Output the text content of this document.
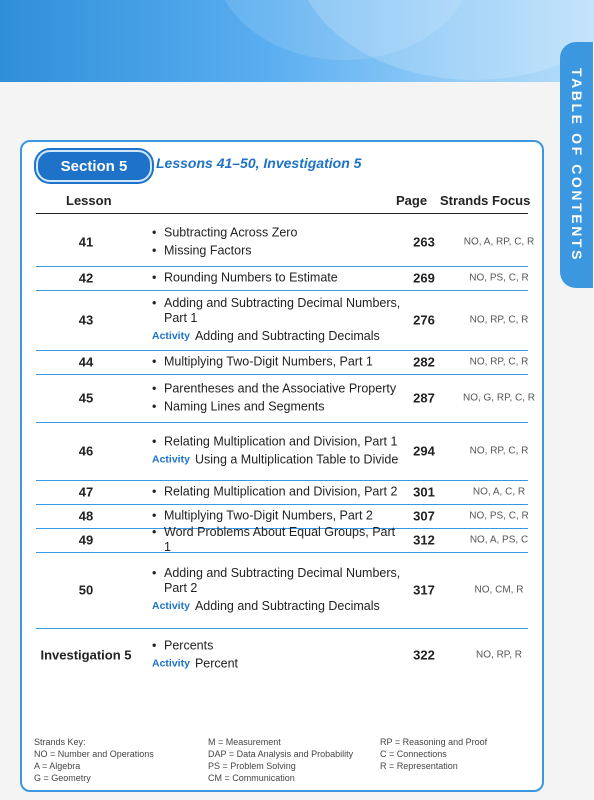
TABLE OF CONTENTS
Section 5	Lessons 41–50, Investigation 5
Lesson	Page Strands Focus
41
• Subtracting Across Zero
• Missing Factors
263	NO, A, RP, C, R
42	• Rounding Numbers to Estimate	269	NO, PS, C, R
43
• Adding and Subtracting Decimal Numbers, Part 1
Activity Adding and Subtracting Decimals
276	NO, RP, C, R
44	• Multiplying Two-Digit Numbers, Part 1	282	NO, RP, C, R
45
• Parentheses and the Associative Property
• Naming Lines and Segments
287	NO, G, RP, C, R
46
• Relating Multiplication and Division, Part 1
Activity Using a Multiplication Table to Divide
294	NO, RP, C, R
47	• Relating Multiplication and Division, Part 2	301	NO, A, C, R
48	• Multiplying Two-Digit Numbers, Part 2	307	NO, PS, C, R
49
• Word Problems About Equal Groups, Part 1	312	NO, A, PS, C
50
• Adding and Subtracting Decimal Numbers, Part 2
Activity Adding and Subtracting Decimals
317	NO, CM, R
Investigation 5
• Percents
Activity Percent
322	NO, RP, R
Strands Key:
NO = Number and Operations
A = Algebra
G = Geometry
M = Measurement
DAP = Data Analysis and Probability
PS = Problem Solving
CM = Communication
RP = Reasoning and Proof
C = Connections
R = Representation
